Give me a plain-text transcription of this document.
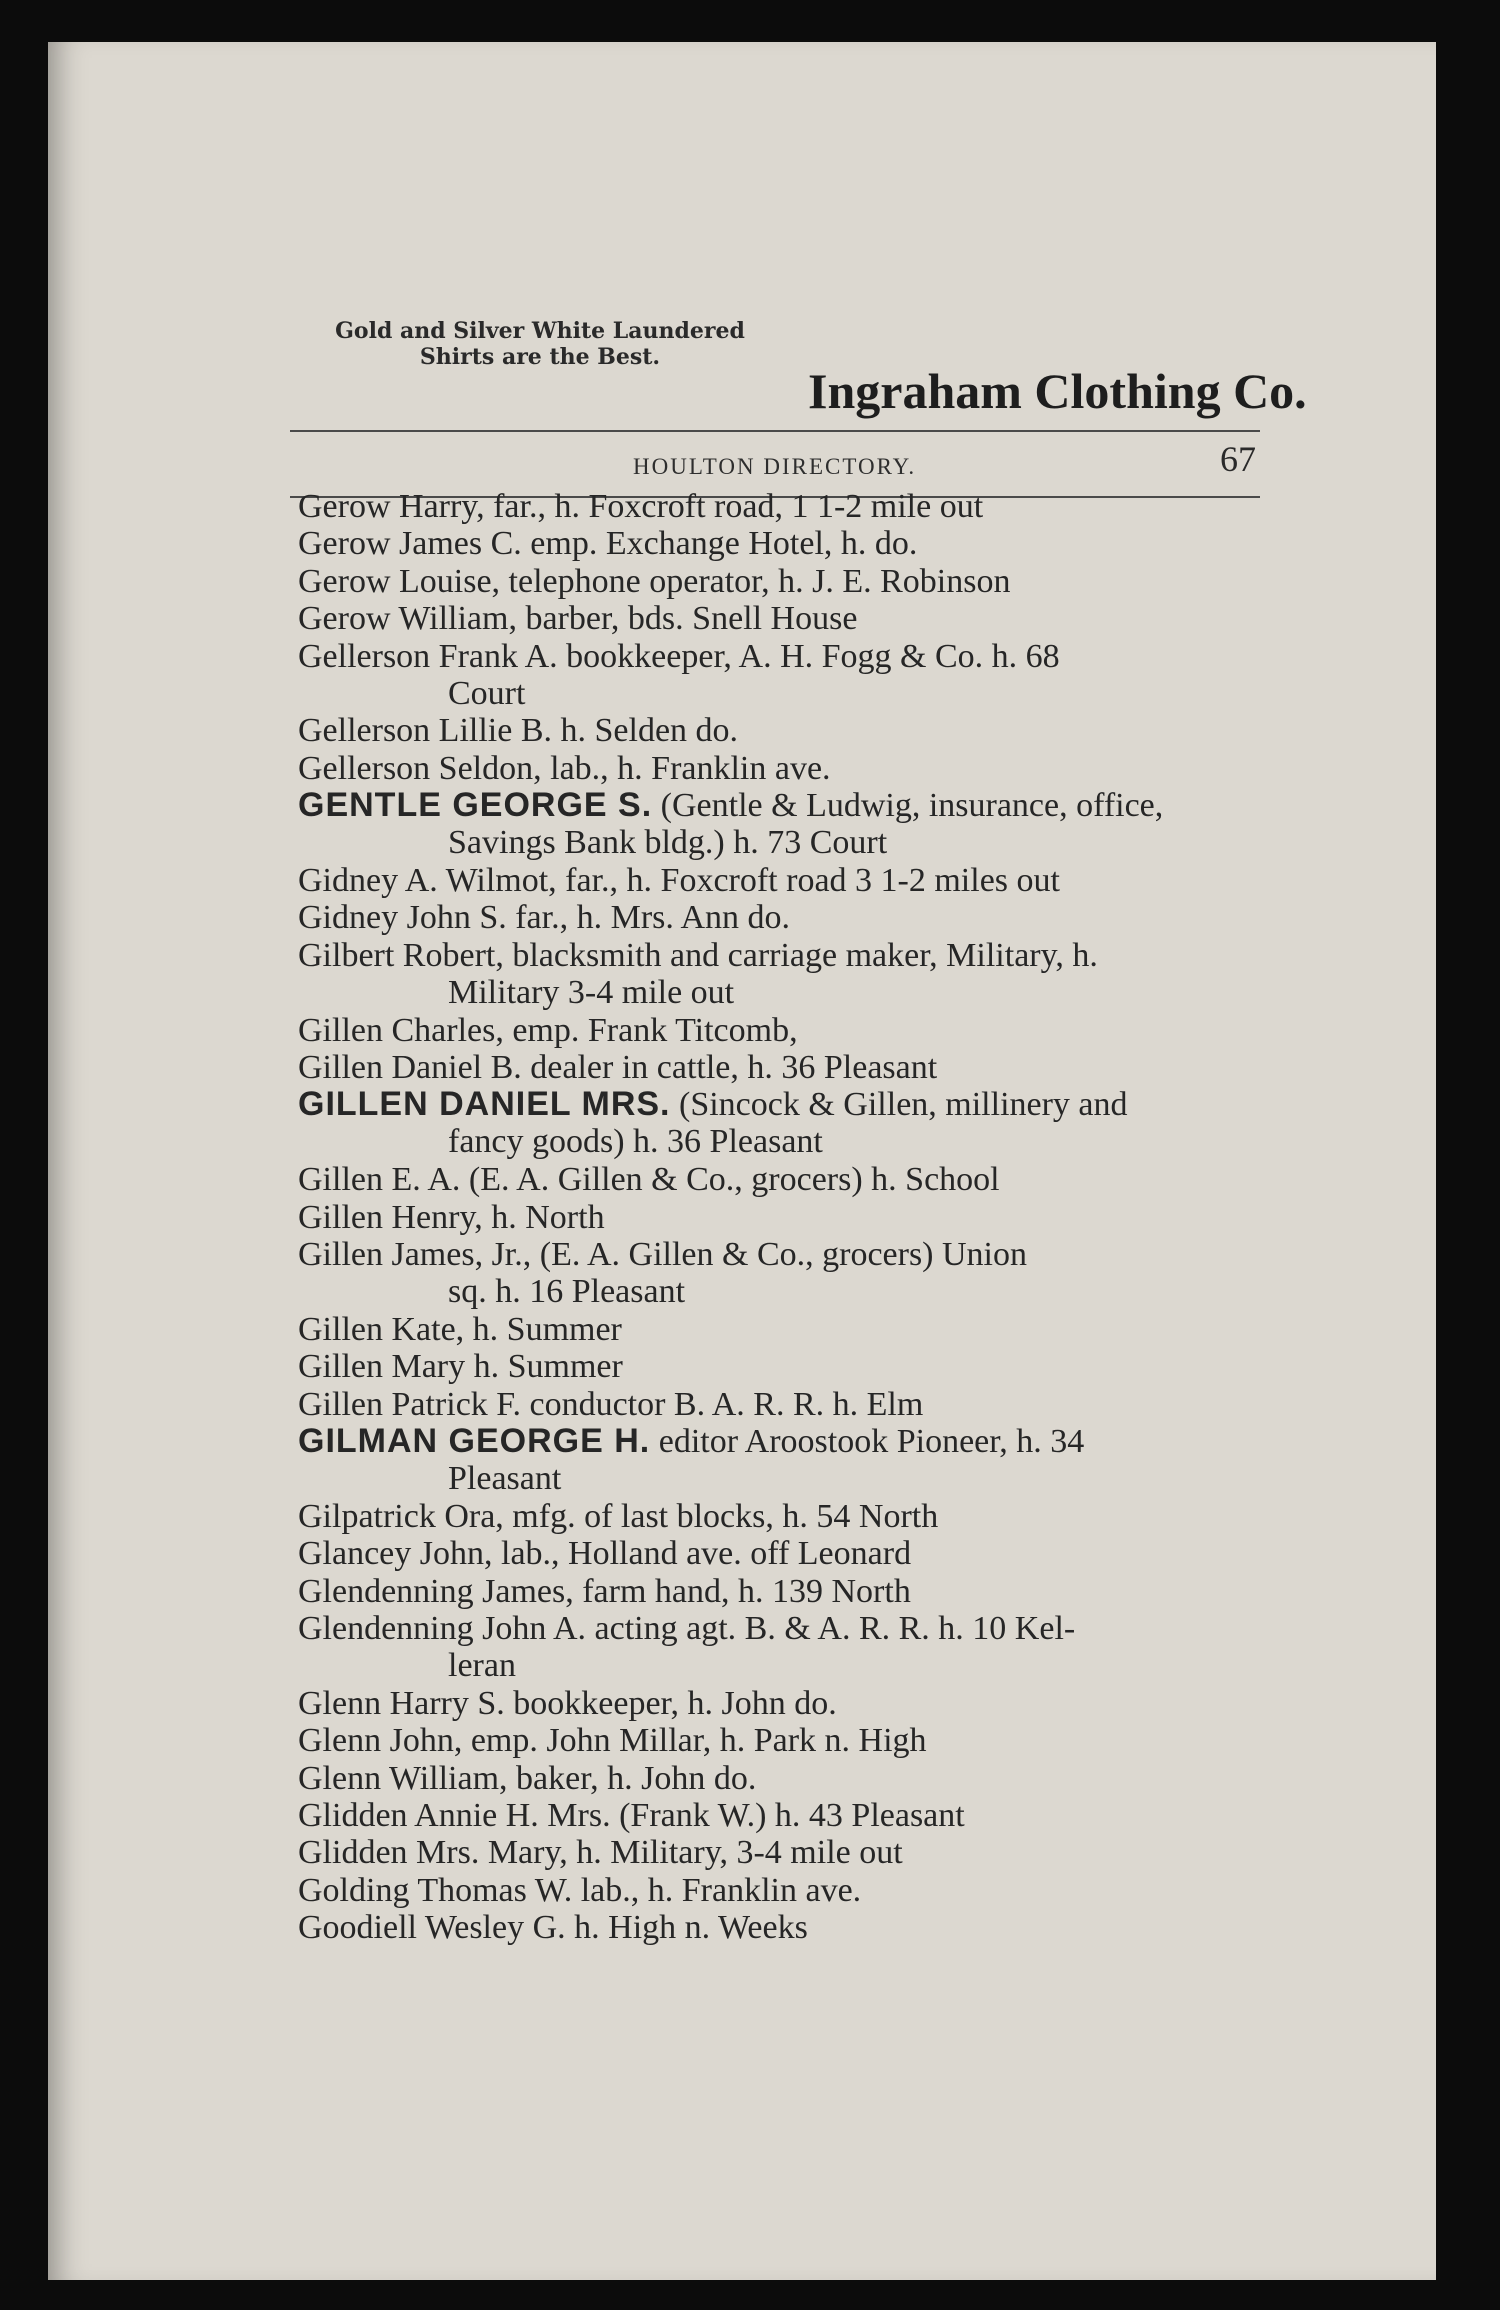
Gold and Silver White Laundered
Shirts are the Best.
Ingraham Clothing Co.
HOULTON DIRECTORY.	67
Gerow Harry, far., h. Foxcroft road, 1 1-2 mile out
Gerow James C. emp. Exchange Hotel, h. do.
Gerow Louise, telephone operator, h. J. E. Robinson
Gerow William, barber, bds. Snell House
Gellerson Frank A. bookkeeper, A. H. Fogg & Co. h. 68
Court
Gellerson Lillie B. h. Selden do.
Gellerson Seldon, lab., h. Franklin ave.
GENTLE GEORGE S. (Gentle & Ludwig, insurance, office,
Savings Bank bldg.) h. 73 Court
Gidney A. Wilmot, far., h. Foxcroft road 3 1-2 miles out
Gidney John S. far., h. Mrs. Ann do.
Gilbert Robert, blacksmith and carriage maker, Military, h.
Military 3-4 mile out
Gillen Charles, emp. Frank Titcomb,
Gillen Daniel B. dealer in cattle, h. 36 Pleasant
GILLEN DANIEL MRS. (Sincock & Gillen, millinery and
fancy goods) h. 36 Pleasant
Gillen E. A. (E. A. Gillen & Co., grocers) h. School
Gillen Henry, h. North
Gillen James, Jr., (E. A. Gillen & Co., grocers) Union
sq. h. 16 Pleasant
Gillen Kate, h. Summer
Gillen Mary h. Summer
Gillen Patrick F. conductor B. A. R. R. h. Elm
GILMAN GEORGE H. editor Aroostook Pioneer, h. 34
Pleasant
Gilpatrick Ora, mfg. of last blocks, h. 54 North
Glancey John, lab., Holland ave. off Leonard
Glendenning James, farm hand, h. 139 North
Glendenning John A. acting agt. B. & A. R. R. h. 10 Kel-
leran
Glenn Harry S. bookkeeper, h. John do.
Glenn John, emp. John Millar, h. Park n. High
Glenn William, baker, h. John do.
Glidden Annie H. Mrs. (Frank W.) h. 43 Pleasant
Glidden Mrs. Mary, h. Military, 3-4 mile out
Golding Thomas W. lab., h. Franklin ave.
Goodiell Wesley G. h. High n. Weeks
